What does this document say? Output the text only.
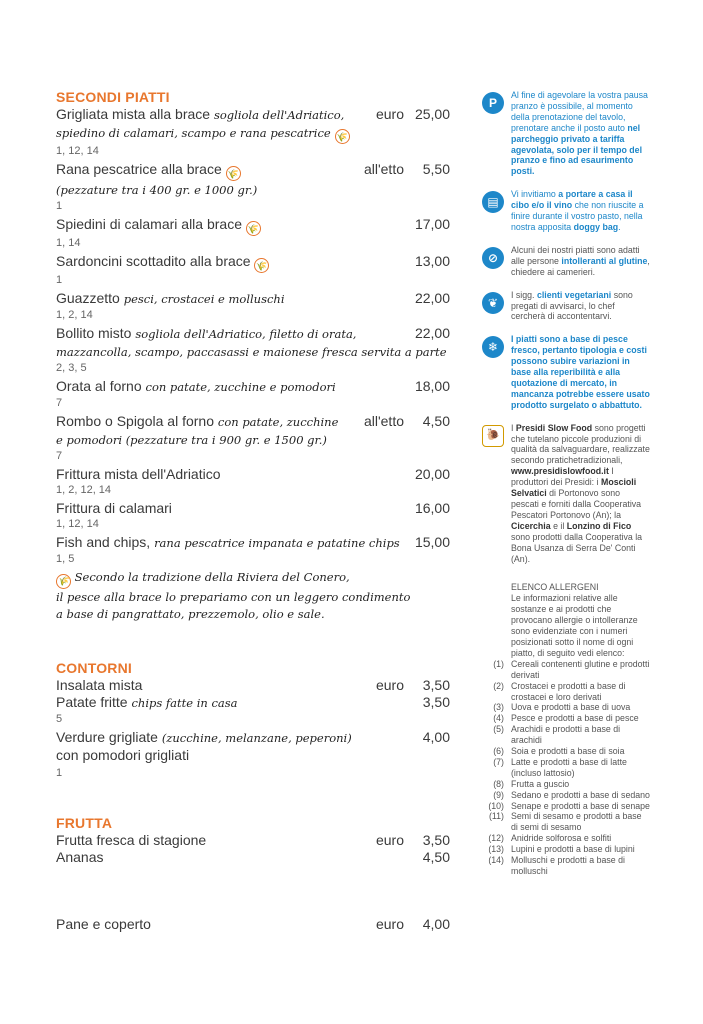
SECONDI PIATTI
Grigliata mista alla brace sogliola dell'Adriatico,
spiedino di calamari, scampo e rana pescatrice 🌾
euro 25,00
1, 12, 14
Rana pescatrice alla brace 🌾
(pezzature tra i 400 gr. e 1000 gr.)
all'etto 5,50
1
Spiedini di calamari alla brace 🌾	17,00
1, 14
Sardoncini scottadito alla brace 🌾	13,00
1
Guazzetto pesci, crostacei e molluschi	22,00
1, 2, 14
Bollito misto sogliola dell'Adriatico, filetto di orata,
mazzancolla, scampo, paccasassi e maionese fresca servita a parte
22,00
2, 3, 5
Orata al forno con patate, zucchine e pomodori	18,00
7
Rombo o Spigola al forno con patate, zucchine
e pomodori (pezzature tra i 900 gr. e 1500 gr.)
all'etto 4,50
7
Frittura mista dell'Adriatico	20,00
1, 2, 12, 14
Frittura di calamari	16,00
1, 12, 14
Fish and chips, rana pescatrice impanata e patatine chips 15,00
1, 5
🌾 Secondo la tradizione della Riviera del Conero,
il pesce alla brace lo prepariamo con un leggero condimento
a base di pangrattato, prezzemolo, olio e sale.
CONTORNI
Insalata mista	euro 3,50
Patate fritte chips fatte in casa	3,50
5
Verdure grigliate (zucchine, melanzane, peperoni)
con pomodori grigliati
4,00
1
FRUTTA
Frutta fresca di stagione	euro 3,50
Ananas	4,50
Pane e coperto	euro 4,00
P
Al fine di agevolare la vostra pausa pranzo è possibile, al momento della prenotazione del tavolo, prenotare anche il posto auto nel parcheggio privato a tariffa agevolata, solo per il tempo del pranzo e fino ad esaurimento posti.
▤
Vi invitiamo a portare a casa il cibo e/o il vino che non riuscite a finire durante il vostro pasto, nella nostra apposita doggy bag.
⊘
Alcuni dei nostri piatti sono adatti alle persone intolleranti al glutine, chiedere ai camerieri.
❦
I sigg. clienti vegetariani sono pregati di avvisarci, lo chef cercherà di accontentarvi.
❄
I piatti sono a base di pesce fresco, pertanto tipologia e costi possono subire variazioni in base alla reperibilità e alla quotazione di mercato, in mancanza potrebbe essere usato prodotto surgelato o abbattuto.
🐌
I Presidi Slow Food sono progetti che tutelano piccole produzioni di qualità da salvaguardare, realizzate secondo pratichetradizionali, www.presidislowfood.it I produttori dei Presidi: i Moscioli Selvatici di Portonovo sono pescati e forniti dalla Cooperativa Pescatori Portonovo (An); la Cicerchia e il Lonzino di Fico sono prodotti dalla Cooperativa la Bona Usanza di Serra De' Conti (An).
ELENCO ALLERGENI
Le informazioni relative alle sostanze e ai prodotti che provocano allergie o intolleranze sono evidenziate con i numeri posizionati sotto il nome di ogni piatto, di seguito vedi elenco:
(1) Cereali contenenti glutine e prodotti derivati
(2) Crostacei e prodotti a base di crostacei e loro derivati
(3) Uova e prodotti a base di uova
(4) Pesce e prodotti a base di pesce
(5) Arachidi e prodotti a base di arachidi
(6) Soia e prodotti a base di soia
(7) Latte e prodotti a base di latte (incluso lattosio)
(8) Frutta a guscio
(9) Sedano e prodotti a base di sedano
(10) Senape e prodotti a base di senape
(11) Semi di sesamo e prodotti a base di semi di sesamo
(12) Anidride solforosa e solfiti
(13) Lupini e prodotti a base di lupini
(14) Molluschi e prodotti a base di molluschi
